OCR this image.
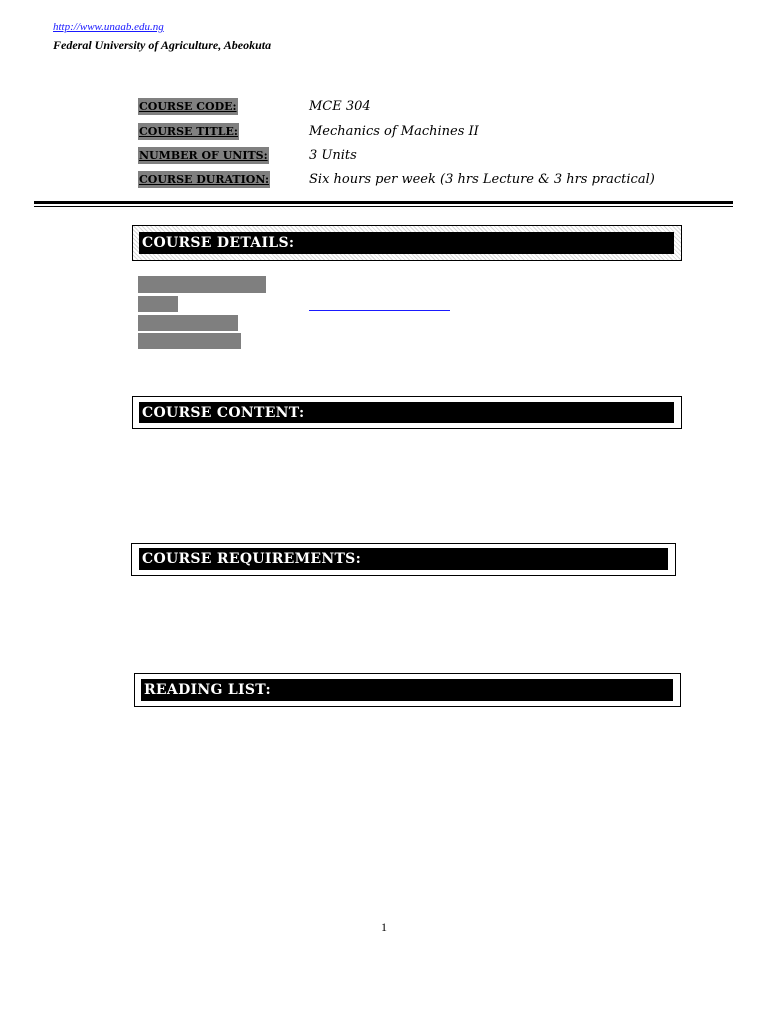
http://www.unaab.edu.ng
Federal University of Agriculture, Abeokuta
COURSE CODE:	MCE 304
COURSE TITLE:	Mechanics of Machines II
NUMBER OF UNITS:	3 Units
COURSE DURATION:	Six hours per week (3 hrs Lecture & 3 hrs practical)
COURSE DETAILS:
COURSE CONTENT:
COURSE REQUIREMENTS:
READING LIST:
1
